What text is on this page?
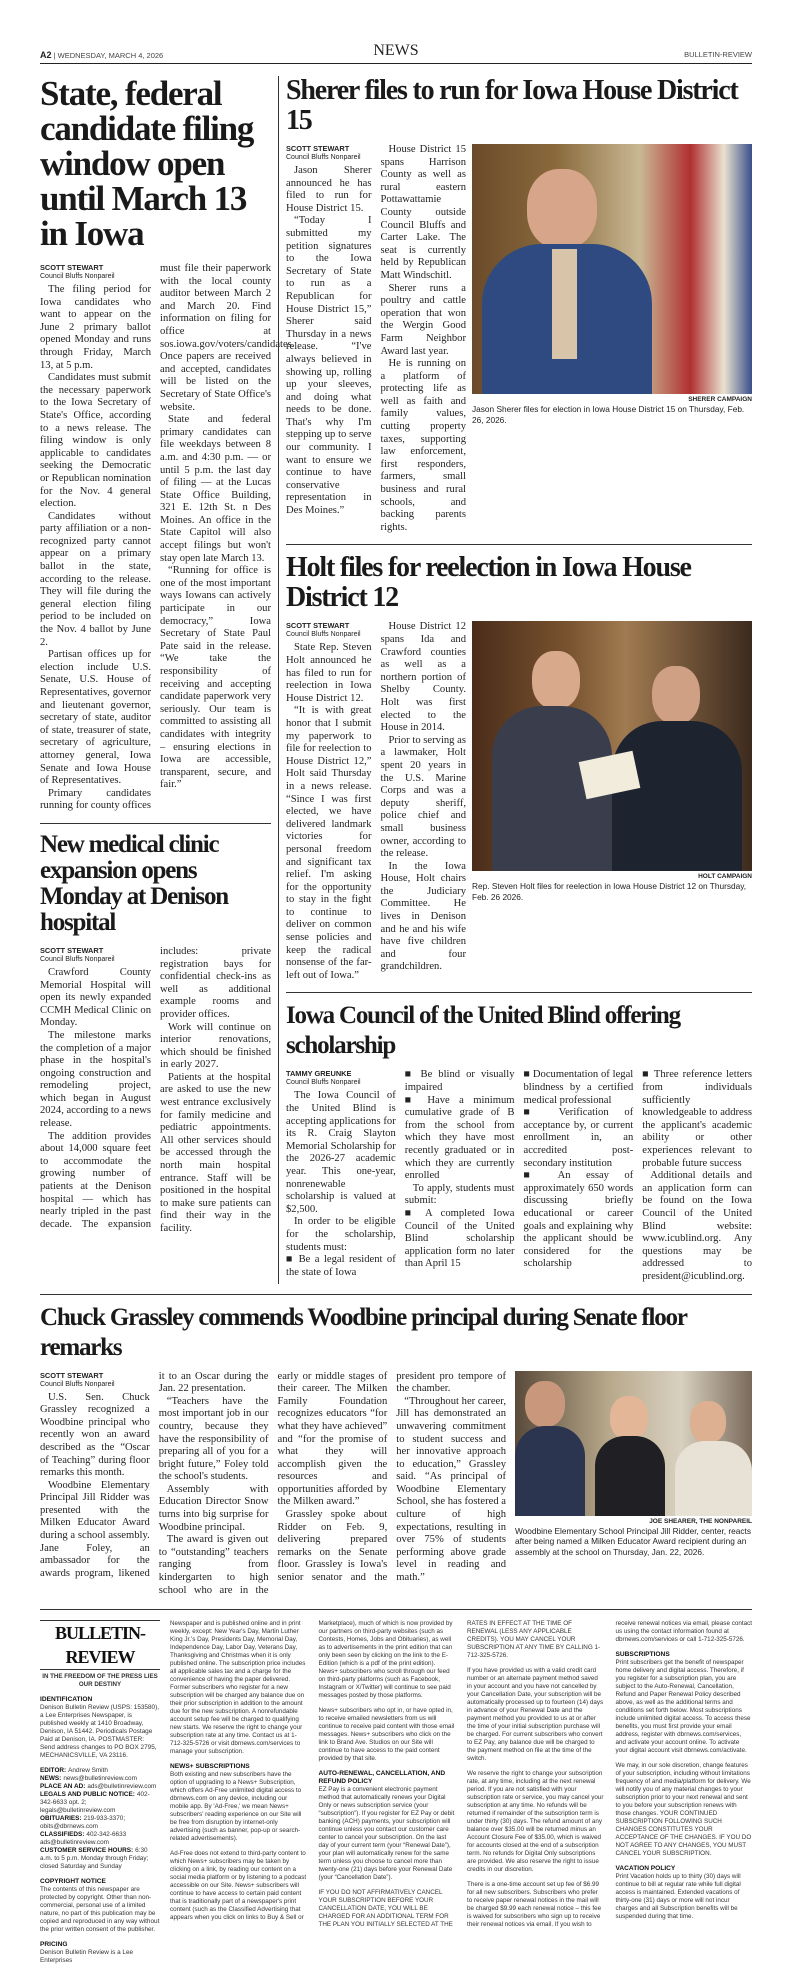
A2 | WEDNESDAY, MARCH 4, 2026	NEWS	BULLETIN-REVIEW
State, federal candidate filing window open until March 13 in Iowa

SCOTT STEWART
Council Bluffs Nonpareil

The filing period for Iowa candidates who want to appear on the June 2 primary ballot opened Monday and runs through Friday, March 13, at 5 p.m.

Candidates must submit the necessary paperwork to the Iowa Secretary of State's Office, according to a news release. The filing window is only applicable to candidates seeking the Democratic or Republican nomination for the Nov. 4 general election.

Candidates without party affiliation or a non-recognized party cannot appear on a primary ballot in the state, according to the release. They will file during the general election filing period to be included on the Nov. 4 ballot by June 2.

Partisan offices up for election include U.S. Senate, U.S. House of Representatives, governor and lieutenant governor, secretary of state, auditor of state, treasurer of state, secretary of agriculture, attorney general, Iowa Senate and Iowa House of Representatives.

Primary candidates running for county offices must file their paperwork with the local county auditor between March 2 and March 20. Find information on filing for office at sos.iowa.gov/voters/candidates. Once papers are received and accepted, candidates will be listed on the Secretary of State Office's website.

State and federal primary candidates can file weekdays between 8 a.m. and 4:30 p.m. — or until 5 p.m. the last day of filing — at the Lucas State Office Building, 321 E. 12th St. n Des Moines. An office in the State Capitol will also accept filings but won't stay open late March 13.

“Running for office is one of the most important ways Iowans can actively participate in our democracy,” Iowa Secretary of State Paul Pate said in the release. “We take the responsibility of receiving and accepting candidate paperwork very seriously. Our team is committed to assisting all candidates with integrity – ensuring elections in Iowa are accessible, transparent, secure, and fair.”

New medical clinic expansion opens Monday at Denison hospital

SCOTT STEWART
Council Bluffs Nonpareil

Crawford County Memorial Hospital will open its newly expanded CCMH Medical Clinic on Monday.

The milestone marks the completion of a major phase in the hospital's ongoing construction and remodeling project, which began in August 2024, according to a news release.

The addition provides about 14,000 square feet to accommodate the growing number of patients at the Denison hospital — which has nearly tripled in the past decade. The expansion includes: private registration bays for confidential check-ins as well as additional example rooms and provider offices.

Work will continue on interior renovations, which should be finished in early 2027.

Patients at the hospital are asked to use the new west entrance exclusively for family medicine and pediatric appointments. All other services should be accessed through the north main hospital entrance. Staff will be positioned in the hospital to make sure patients can find their way in the facility.

Sherer files to run for Iowa House District 15

SCOTT STEWART
Council Bluffs Nonpareil

Jason Sherer announced he has filed to run for House District 15.

“Today I submitted my petition signatures to the Iowa Secretary of State to run as a Republican for House District 15,” Sherer said Thursday in a news release. “I've always believed in showing up, rolling up your sleeves, and doing what needs to be done. That's why I'm stepping up to serve our community. I want to ensure we continue to have conservative representation in Des Moines.”

House District 15 spans Harrison County as well as rural eastern Pottawattamie County outside Council Bluffs and Carter Lake. The seat is currently held by Republican Matt Windschitl.

Sherer runs a poultry and cattle operation that won the Wergin Good Farm Neighbor Award last year.

He is running on a platform of protecting life as well as faith and family values, cutting property taxes, supporting law enforcement, first responders, farmers, small business and rural schools, and backing parents rights.

SHERER CAMPAIGN
Jason Sherer files for election in Iowa House District 15 on Thursday, Feb. 26, 2026.
Holt files for reelection in Iowa House District 12

SCOTT STEWART
Council Bluffs Nonpareil

State Rep. Steven Holt announced he has filed to run for reelection in Iowa House District 12.

“It is with great honor that I submit my paperwork to file for reelection to House District 12,” Holt said Thursday in a news release. “Since I was first elected, we have delivered landmark victories for personal freedom and significant tax relief. I'm asking for the opportunity to stay in the fight to continue to deliver on common sense policies and keep the radical nonsense of the far-left out of Iowa.”

House District 12 spans Ida and Crawford counties as well as a northern portion of Shelby County. Holt was first elected to the House in 2014.

Prior to serving as a lawmaker, Holt spent 20 years in the U.S. Marine Corps and was a deputy sheriff, police chief and small business owner, according to the release.

In the Iowa House, Holt chairs the Judiciary Committee. He lives in Denison and he and his wife have five children and four grandchildren.

HOLT CAMPAIGN
Rep. Steven Holt files for reelection in Iowa House District 12 on Thursday, Feb. 26 2026.
Iowa Council of the United Blind offering scholarship

TAMMY GREUNKE
Council Bluffs Nonpareil

The Iowa Council of the United Blind is accepting applications for its R. Craig Slayton Memorial Scholarship for the 2026-27 academic year. This one-year, nonrenewable scholarship is valued at $2,500.

In order to be eligible for the scholarship, students must:

■ Be a legal resident of the state of Iowa

■ Be blind or visually impaired

■ Have a minimum cumulative grade of B from the school from which they have most recently graduated or in which they are currently enrolled

To apply, students must submit:

■ A completed Iowa Council of the United Blind scholarship application form no later than April 15

■ Documentation of legal blindness by a certified medical professional

■ Verification of acceptance by, or current enrollment in, an accredited post-secondary institution

■ An essay of approximately 650 words discussing briefly educational or career goals and explaining why the applicant should be considered for the scholarship

■ Three reference letters from individuals sufficiently knowledgeable to address the applicant's academic ability or other experiences relevant to probable future success

Additional details and an application form can be found on the Iowa Council of the United Blind website: www.icublind.org. Any questions may be addressed to president@icublind.org.

Chuck Grassley commends Woodbine principal during Senate floor remarks

SCOTT STEWART
Council Bluffs Nonpareil

U.S. Sen. Chuck Grassley recognized a Woodbine principal who recently won an award described as the “Oscar of Teaching” during floor remarks this month.

Woodbine Elementary Principal Jill Ridder was presented with the Milken Educator Award during a school assembly. Jane Foley, an ambassador for the awards program, likened it to an Oscar during the Jan. 22 presentation.

“Teachers have the most important job in our country, because they have the responsibility of preparing all of you for a bright future,” Foley told the school's students.

Assembly with Education Director Snow turns into big surprise for Woodbine principal.

The award is given out to “outstanding” teachers ranging from kindergarten to high school who are in the early or middle stages of their career. The Milken Family Foundation recognizes educators “for what they have achieved” and “for the promise of what they will accomplish given the resources and opportunities afforded by the Milken award.”

Grassley spoke about Ridder on Feb. 9, delivering prepared remarks on the Senate floor. Grassley is Iowa's senior senator and the president pro tempore of the chamber.

“Throughout her career, Jill has demonstrated an unwavering commitment to student success and her innovative approach to education,” Grassley said. “As principal of Woodbine Elementary School, she has fostered a culture of high expectations, resulting in over 75% of students performing above grade level in reading and math.”

JOE SHEARER, THE NONPAREIL
Woodbine Elementary School Principal Jill Ridder, center, reacts after being named a Milken Educator Award recipient during an assembly at the school on Thursday, Jan. 22, 2026.
BULLETIN-REVIEW
IN THE FREEDOM OF THE PRESS LIES OUR DESTINY
IDENTIFICATION
Denison Bulletin Review (USPS: 153580), a Lee Enterprises Newspaper, is published weekly at 1410 Broadway, Denison, IA 51442. Periodicals Postage Paid at Denison, IA. POSTMASTER: Send address changes to PO BOX 2795, MECHANICSVILLE, VA 23116.
EDITOR: Andrew Smith
NEWS: news@bulletinreview.com
PLACE AN AD: ads@bulletinreview.com
LEGALS AND PUBLIC NOTICE: 402-342-6633 opt. 2; legals@bulletinreview.com
OBITUARIES: 219-933-3370; obits@dbrnews.com
CLASSIFIEDS: 402-342-6633 ads@bulletinreview.com
CUSTOMER SERVICE HOURS: 6:30 a.m. to 5 p.m. Monday through Friday; closed Saturday and Sunday
COPYRIGHT NOTICE
The contents of this newspaper are protected by copyright. Other than non-commercial, personal use of a limited nature, no part of this publication may be copied and reproduced in any way without the prior written consent of the publisher.
PRICING
Denison Bulletin Review is a Lee Enterprises

Newspaper and is published online and in print weekly, except: New Year's Day, Martin Luther King Jr.'s Day, Presidents Day, Memorial Day, Independence Day, Labor Day, Veterans Day, Thanksgiving and Christmas when it is only published online. The subscription price includes all applicable sales tax and a charge for the convenience of having the paper delivered. Former subscribers who register for a new subscription will be charged any balance due on their prior subscription in addition to the amount due for the new subscription. A nonrefundable account setup fee will be charged to qualifying new starts. We reserve the right to change your subscription rate at any time. Contact us at 1-712-325-5726 or visit dbrnews.com/services to manage your subscription.

NEWS+ SUBSCRIPTIONS
Both existing and new subscribers have the option of upgrading to a News+ Subscription, which offers Ad-Free unlimited digital access to dbrnews.com on any device, including our mobile app. By 'Ad-Free,' we mean News+ subscribers' reading experience on our Site will be free from disruption by internet-only advertising (such as banner, pop-up or search-related advertisements).

Ad-Free does not extend to third-party content to which News+ subscribers may be taken by clicking on a link, by reading our content on a social media platform or by listening to a podcast accessible on our Site. News+ subscribers will continue to have access to certain paid content that is traditionally part of a newspaper's print content (such as the Classified Advertising that appears when you click on links to Buy & Sell or Marketplace), much of which is now provided by our partners on third-party websites (such as Contests, Homes, Jobs and Obituaries), as well as to advertisements in the print edition that can only been seen by clicking on the link to the E-Edition (which is a pdf of the print edition). News+ subscribers who scroll through our feed on third-party platforms (such as Facebook, Instagram or X/Twitter) will continue to see paid messages posted by those platforms.

News+ subscribers who opt in, or have opted in, to receive emailed newsletters from us will continue to receive paid content with those email messages. News+ subscribers who click on the link to Brand Ave. Studios on our Site will continue to have access to the paid content provided by that site.

AUTO-RENEWAL, CANCELLATION, AND REFUND POLICY
EZ Pay is a convenient electronic payment method that automatically renews your Digital Only or news subscription service (your “subscription”). If you register for EZ Pay or debit banking (ACH) payments, your subscription will continue unless you contact our customer care center to cancel your subscription. On the last day of your current term (your “Renewal Date”), your plan will automatically renew for the same term unless you choose to cancel more than twenty-one (21) days before your Renewal Date (your “Cancellation Date”).

IF YOU DO NOT AFFIRMATIVELY CANCEL YOUR SUBSCRIPTION BEFORE YOUR CANCELLATION DATE, YOU WILL BE CHARGED FOR AN ADDITIONAL TERM FOR THE PLAN YOU INITIALLY SELECTED AT THE RATES IN EFFECT AT THE TIME OF RENEWAL (LESS ANY APPLICABLE CREDITS). YOU MAY CANCEL YOUR SUBSCRIPTION AT ANY TIME BY CALLING 1-712-325-5726.

If you have provided us with a valid credit card number or an alternate payment method saved in your account and you have not cancelled by your Cancellation Date, your subscription will be automatically processed up to fourteen (14) days in advance of your Renewal Date and the payment method you provided to us at or after the time of your initial subscription purchase will be charged. For current subscribers who convert to EZ Pay, any balance due will be charged to the payment method on file at the time of the switch.

We reserve the right to change your subscription rate, at any time, including at the next renewal period. If you are not satisfied with your subscription rate or service, you may cancel your subscription at any time. No refunds will be returned if remainder of the subscription term is under thirty (30) days. The refund amount of any balance over $35.00 will be returned minus an Account Closure Fee of $35.00, which is waived for accounts closed at the end of a subscription term. No refunds for Digital Only subscriptions are provided. We also reserve the right to issue credits in our discretion.

There is a one-time account set up fee of $6.99 for all new subscribers. Subscribers who prefer to receive paper renewal notices in the mail will be charged $9.99 each renewal notice – this fee is waived for subscribers who sign up to receive their renewal notices via email. If you wish to receive renewal notices via email, please contact us using the contact information found at dbrnews.com/services or call 1-712-325-5726.

SUBSCRIPTIONS
Print subscribers get the benefit of newspaper home delivery and digital access. Therefore, if you register for a subscription plan, you are subject to the Auto-Renewal, Cancellation, Refund and Paper Renewal Policy described above, as well as the additional terms and conditions set forth below. Most subscriptions include unlimited digital access. To access these benefits, you must first provide your email address, register with dbrnews.com/services, and activate your account online. To activate your digital account visit dbrnews.com/activate.

We may, in our sole discretion, change features of your subscription, including without limitations frequency of and media/platform for delivery. We will notify you of any material changes to your subscription prior to your next renewal and sent to you before your subscription renews with those changes. YOUR CONTINUED SUBSCRIPTION FOLLOWING SUCH CHANGES CONSTITUTES YOUR ACCEPTANCE OF THE CHANGES. IF YOU DO NOT AGREE TO ANY CHANGES, YOU MUST CANCEL YOUR SUBSCRIPTION.

VACATION POLICY
Print Vacation holds up to thirty (30) days will continue to bill at regular rate while full digital access is maintained. Extended vacations of thirty-one (31) days or more will not incur charges and all Subscription benefits will be suspended during that time.
